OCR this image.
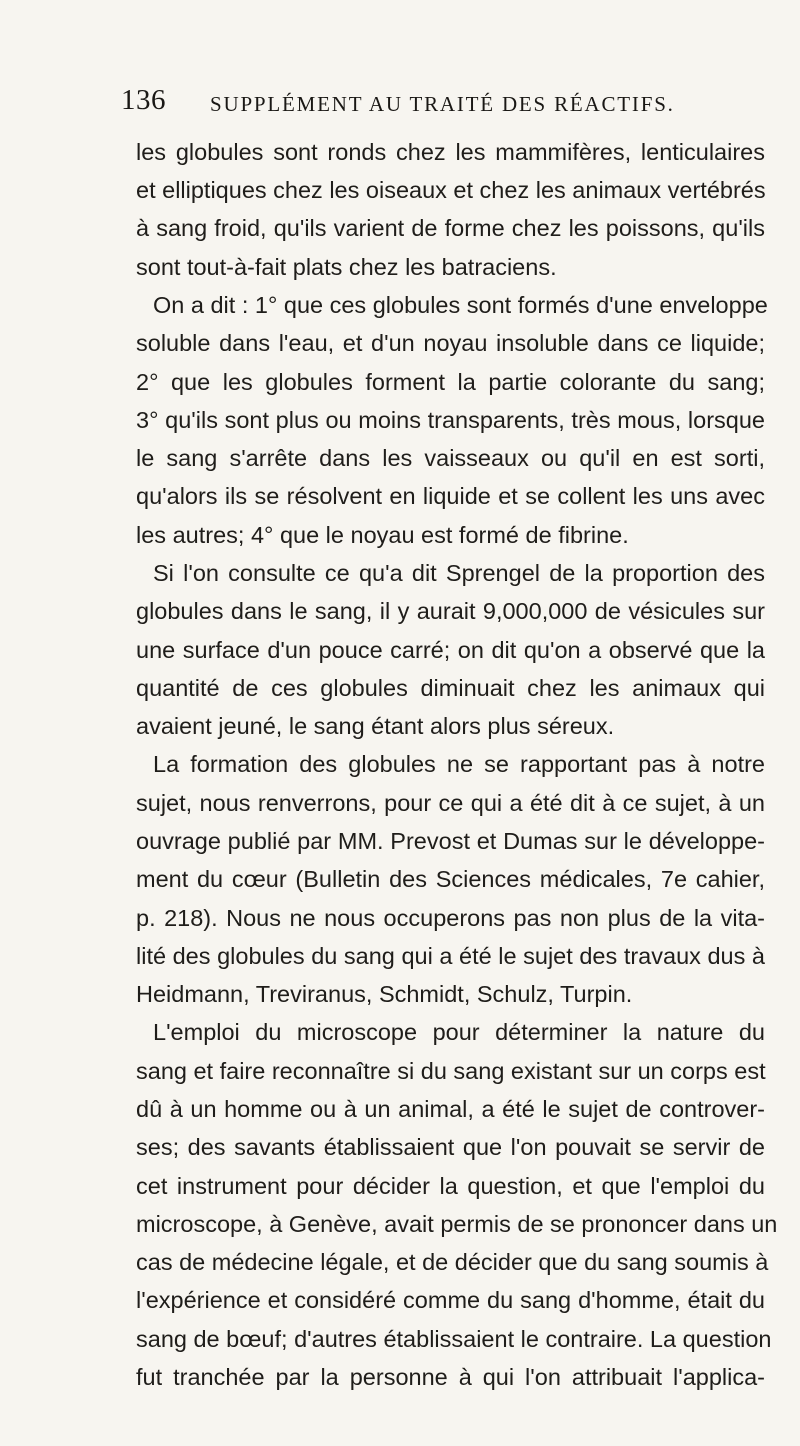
136 SUPPLÉMENT AU TRAITÉ DES RÉACTIFS.
les globules sont ronds chez les mammifères, lenticulaires
et elliptiques chez les oiseaux et chez les animaux vertébrés
à sang froid, qu'ils varient de forme chez les poissons, qu'ils
sont tout-à-fait plats chez les batraciens.
On a dit : 1° que ces globules sont formés d'une enveloppe
soluble dans l'eau, et d'un noyau insoluble dans ce liquide;
2° que les globules forment la partie colorante du sang;
3° qu'ils sont plus ou moins transparents, très mous, lorsque
le sang s'arrête dans les vaisseaux ou qu'il en est sorti,
qu'alors ils se résolvent en liquide et se collent les uns avec
les autres; 4° que le noyau est formé de fibrine.
Si l'on consulte ce qu'a dit Sprengel de la proportion des
globules dans le sang, il y aurait 9,000,000 de vésicules sur
une surface d'un pouce carré; on dit qu'on a observé que la
quantité de ces globules diminuait chez les animaux qui
avaient jeuné, le sang étant alors plus séreux.
La formation des globules ne se rapportant pas à notre
sujet, nous renverrons, pour ce qui a été dit à ce sujet, à un
ouvrage publié par MM. Prevost et Dumas sur le développe-
ment du cœur (Bulletin des Sciences médicales, 7e cahier,
p. 218). Nous ne nous occuperons pas non plus de la vita-
lité des globules du sang qui a été le sujet des travaux dus à
Heidmann, Treviranus, Schmidt, Schulz, Turpin.
L'emploi du microscope pour déterminer la nature du
sang et faire reconnaître si du sang existant sur un corps est
dû à un homme ou à un animal, a été le sujet de controver-
ses; des savants établissaient que l'on pouvait se servir de
cet instrument pour décider la question, et que l'emploi du
microscope, à Genève, avait permis de se prononcer dans un
cas de médecine légale, et de décider que du sang soumis à
l'expérience et considéré comme du sang d'homme, était du
sang de bœuf; d'autres établissaient le contraire. La question
fut tranchée par la personne à qui l'on attribuait l'applica-
